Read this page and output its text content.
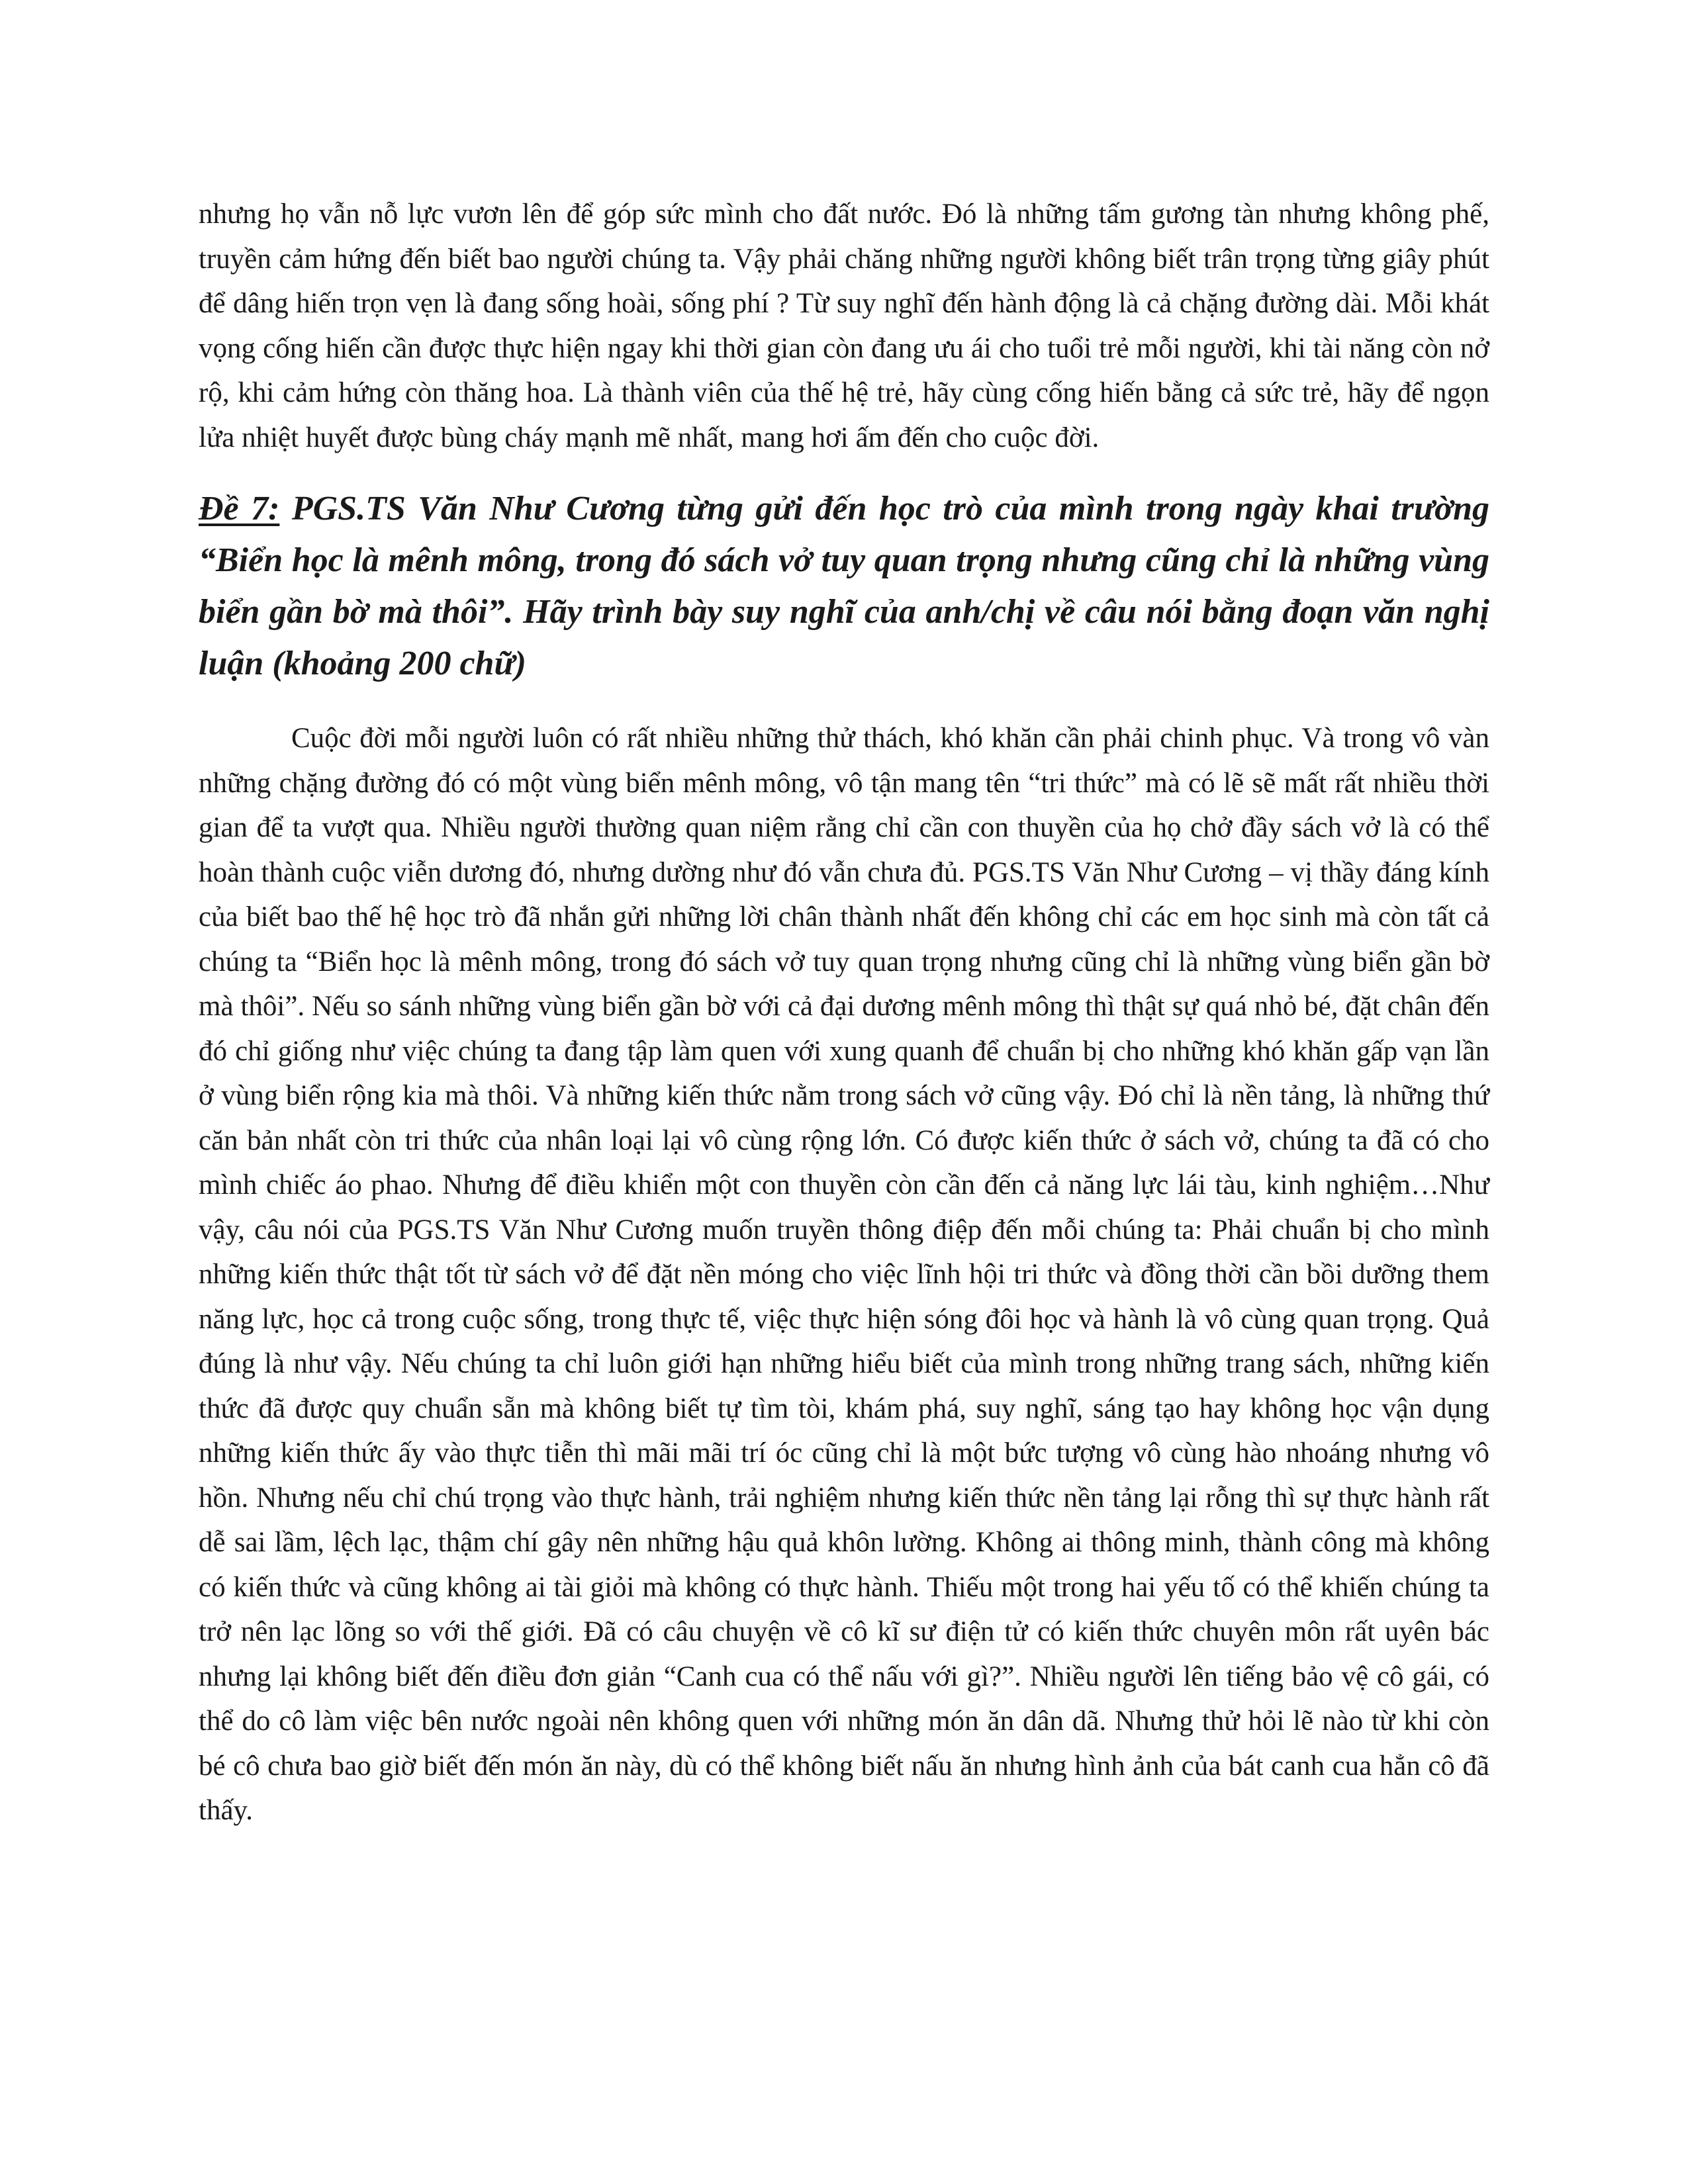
nhưng họ vẫn nỗ lực vươn lên để góp sức mình cho đất nước. Đó là những tấm gương tàn nhưng không phế, truyền cảm hứng đến biết bao người chúng ta. Vậy phải chăng những người không biết trân trọng từng giây phút để dâng hiến trọn vẹn là đang sống hoài, sống phí ? Từ suy nghĩ đến hành động là cả chặng đường dài. Mỗi khát vọng cống hiến cần được thực hiện ngay khi thời gian còn đang ưu ái cho tuổi trẻ mỗi người, khi tài năng còn nở rộ, khi cảm hứng còn thăng hoa. Là thành viên của thế hệ trẻ, hãy cùng cống hiến bằng cả sức trẻ, hãy để ngọn lửa nhiệt huyết được bùng cháy mạnh mẽ nhất, mang hơi ấm đến cho cuộc đời.

Đề 7: PGS.TS Văn Như Cương từng gửi đến học trò của mình trong ngày khai trường “Biển học là mênh mông, trong đó sách vở tuy quan trọng nhưng cũng chỉ là những vùng biển gần bờ mà thôi”. Hãy trình bày suy nghĩ của anh/chị về câu nói bằng đoạn văn nghị luận (khoảng 200 chữ)

Cuộc đời mỗi người luôn có rất nhiều những thử thách, khó khăn cần phải chinh phục. Và trong vô vàn những chặng đường đó có một vùng biển mênh mông, vô tận mang tên “tri thức” mà có lẽ sẽ mất rất nhiều thời gian để ta vượt qua. Nhiều người thường quan niệm rằng chỉ cần con thuyền của họ chở đầy sách vở là có thể hoàn thành cuộc viễn dương đó, nhưng dường như đó vẫn chưa đủ. PGS.TS Văn Như Cương – vị thầy đáng kính của biết bao thế hệ học trò đã nhắn gửi những lời chân thành nhất đến không chỉ các em học sinh mà còn tất cả chúng ta “Biển học là mênh mông, trong đó sách vở tuy quan trọng nhưng cũng chỉ là những vùng biển gần bờ mà thôi”. Nếu so sánh những vùng biển gần bờ với cả đại dương mênh mông thì thật sự quá nhỏ bé, đặt chân đến đó chỉ giống như việc chúng ta đang tập làm quen với xung quanh để chuẩn bị cho những khó khăn gấp vạn lần ở vùng biển rộng kia mà thôi. Và những kiến thức nằm trong sách vở cũng vậy. Đó chỉ là nền tảng, là những thứ căn bản nhất còn tri thức của nhân loại lại vô cùng rộng lớn. Có được kiến thức ở sách vở, chúng ta đã có cho mình chiếc áo phao. Nhưng để điều khiển một con thuyền còn cần đến cả năng lực lái tàu, kinh nghiệm…Như vậy, câu nói của PGS.TS Văn Như Cương muốn truyền thông điệp đến mỗi chúng ta: Phải chuẩn bị cho mình những kiến thức thật tốt từ sách vở để đặt nền móng cho việc lĩnh hội tri thức và đồng thời cần bồi dưỡng them năng lực, học cả trong cuộc sống, trong thực tế, việc thực hiện sóng đôi học và hành là vô cùng quan trọng. Quả đúng là như vậy. Nếu chúng ta chỉ luôn giới hạn những hiểu biết của mình trong những trang sách, những kiến thức đã được quy chuẩn sẵn mà không biết tự tìm tòi, khám phá, suy nghĩ, sáng tạo hay không học vận dụng những kiến thức ấy vào thực tiễn thì mãi mãi trí óc cũng chỉ là một bức tượng vô cùng hào nhoáng nhưng vô hồn. Nhưng nếu chỉ chú trọng vào thực hành, trải nghiệm nhưng kiến thức nền tảng lại rỗng thì sự thực hành rất dễ sai lầm, lệch lạc, thậm chí gây nên những hậu quả khôn lường. Không ai thông minh, thành công mà không có kiến thức và cũng không ai tài giỏi mà không có thực hành. Thiếu một trong hai yếu tố có thể khiến chúng ta trở nên lạc lõng so với thế giới. Đã có câu chuyện về cô kĩ sư điện tử có kiến thức chuyên môn rất uyên bác nhưng lại không biết đến điều đơn giản “Canh cua có thể nấu với gì?”. Nhiều người lên tiếng bảo vệ cô gái, có thể do cô làm việc bên nước ngoài nên không quen với những món ăn dân dã. Nhưng thử hỏi lẽ nào từ khi còn bé cô chưa bao giờ biết đến món ăn này, dù có thể không biết nấu ăn nhưng hình ảnh của bát canh cua hẳn cô đã thấy.
